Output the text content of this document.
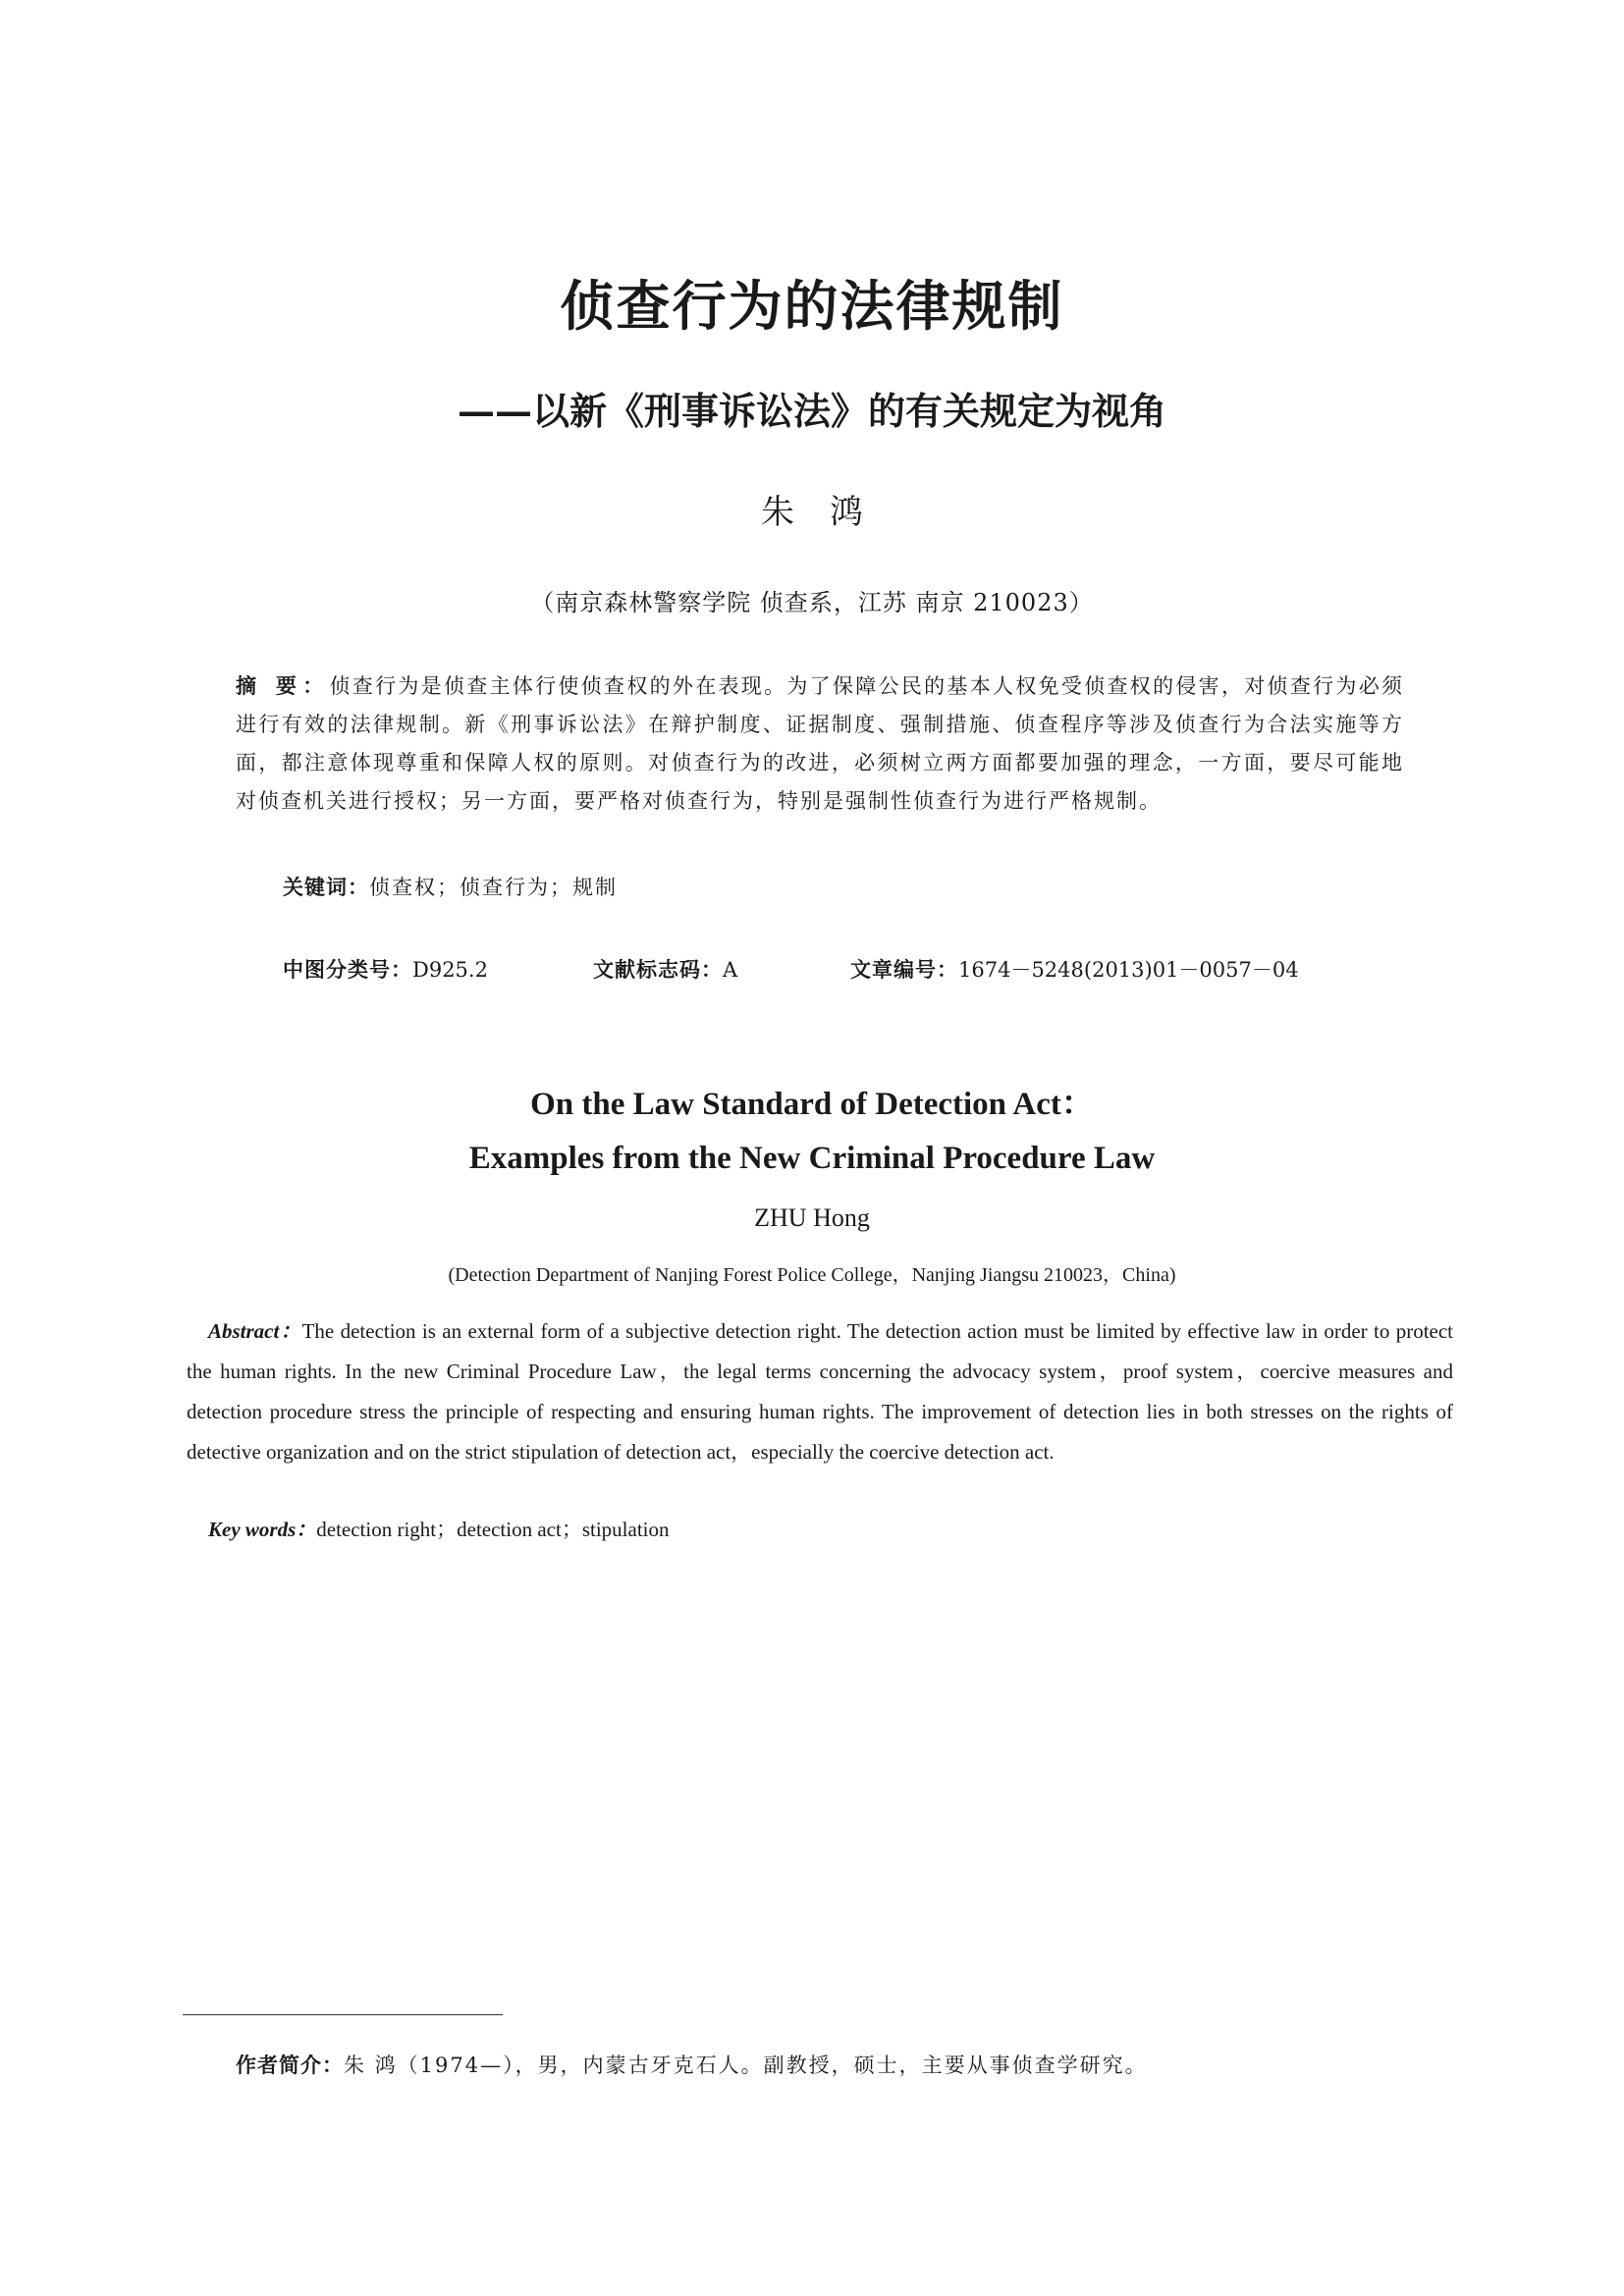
侦查行为的法律规制
——以新《刑事诉讼法》的有关规定为视角
朱鸿
（南京森林警察学院 侦查系，江苏 南京 210023）
摘 要：侦查行为是侦查主体行使侦查权的外在表现。为了保障公民的基本人权免受侦查权的侵害，对侦查行为必须进行有效的法律规制。新《刑事诉讼法》在辩护制度、证据制度、强制措施、侦查程序等涉及侦查行为合法实施等方面，都注意体现尊重和保障人权的原则。对侦查行为的改进，必须树立两方面都要加强的理念，一方面，要尽可能地对侦查机关进行授权；另一方面，要严格对侦查行为，特别是强制性侦查行为进行严格规制。
关键词：侦查权；侦查行为；规制
中图分类号：D925.2	文献标志码：A	文章编号：1674－5248(2013)01－0057－04
On the Law Standard of Detection Act：
Examples from the New Criminal Procedure Law
ZHU Hong
(Detection Department of Nanjing Forest Police College，Nanjing Jiangsu 210023，China)
Abstract：The detection is an external form of a subjective detection right. The detection action must be limited by effective law in order to protect the human rights. In the new Criminal Procedure Law，the legal terms concerning the advocacy system，proof system，coercive measures and detection procedure stress the principle of respecting and ensuring human rights. The improvement of detection lies in both stresses on the rights of detective organization and on the strict stipulation of detection act，especially the coercive detection act.
Key words：detection right；detection act；stipulation
作者简介：朱 鸿（1974—），男，内蒙古牙克石人。副教授，硕士，主要从事侦查学研究。
